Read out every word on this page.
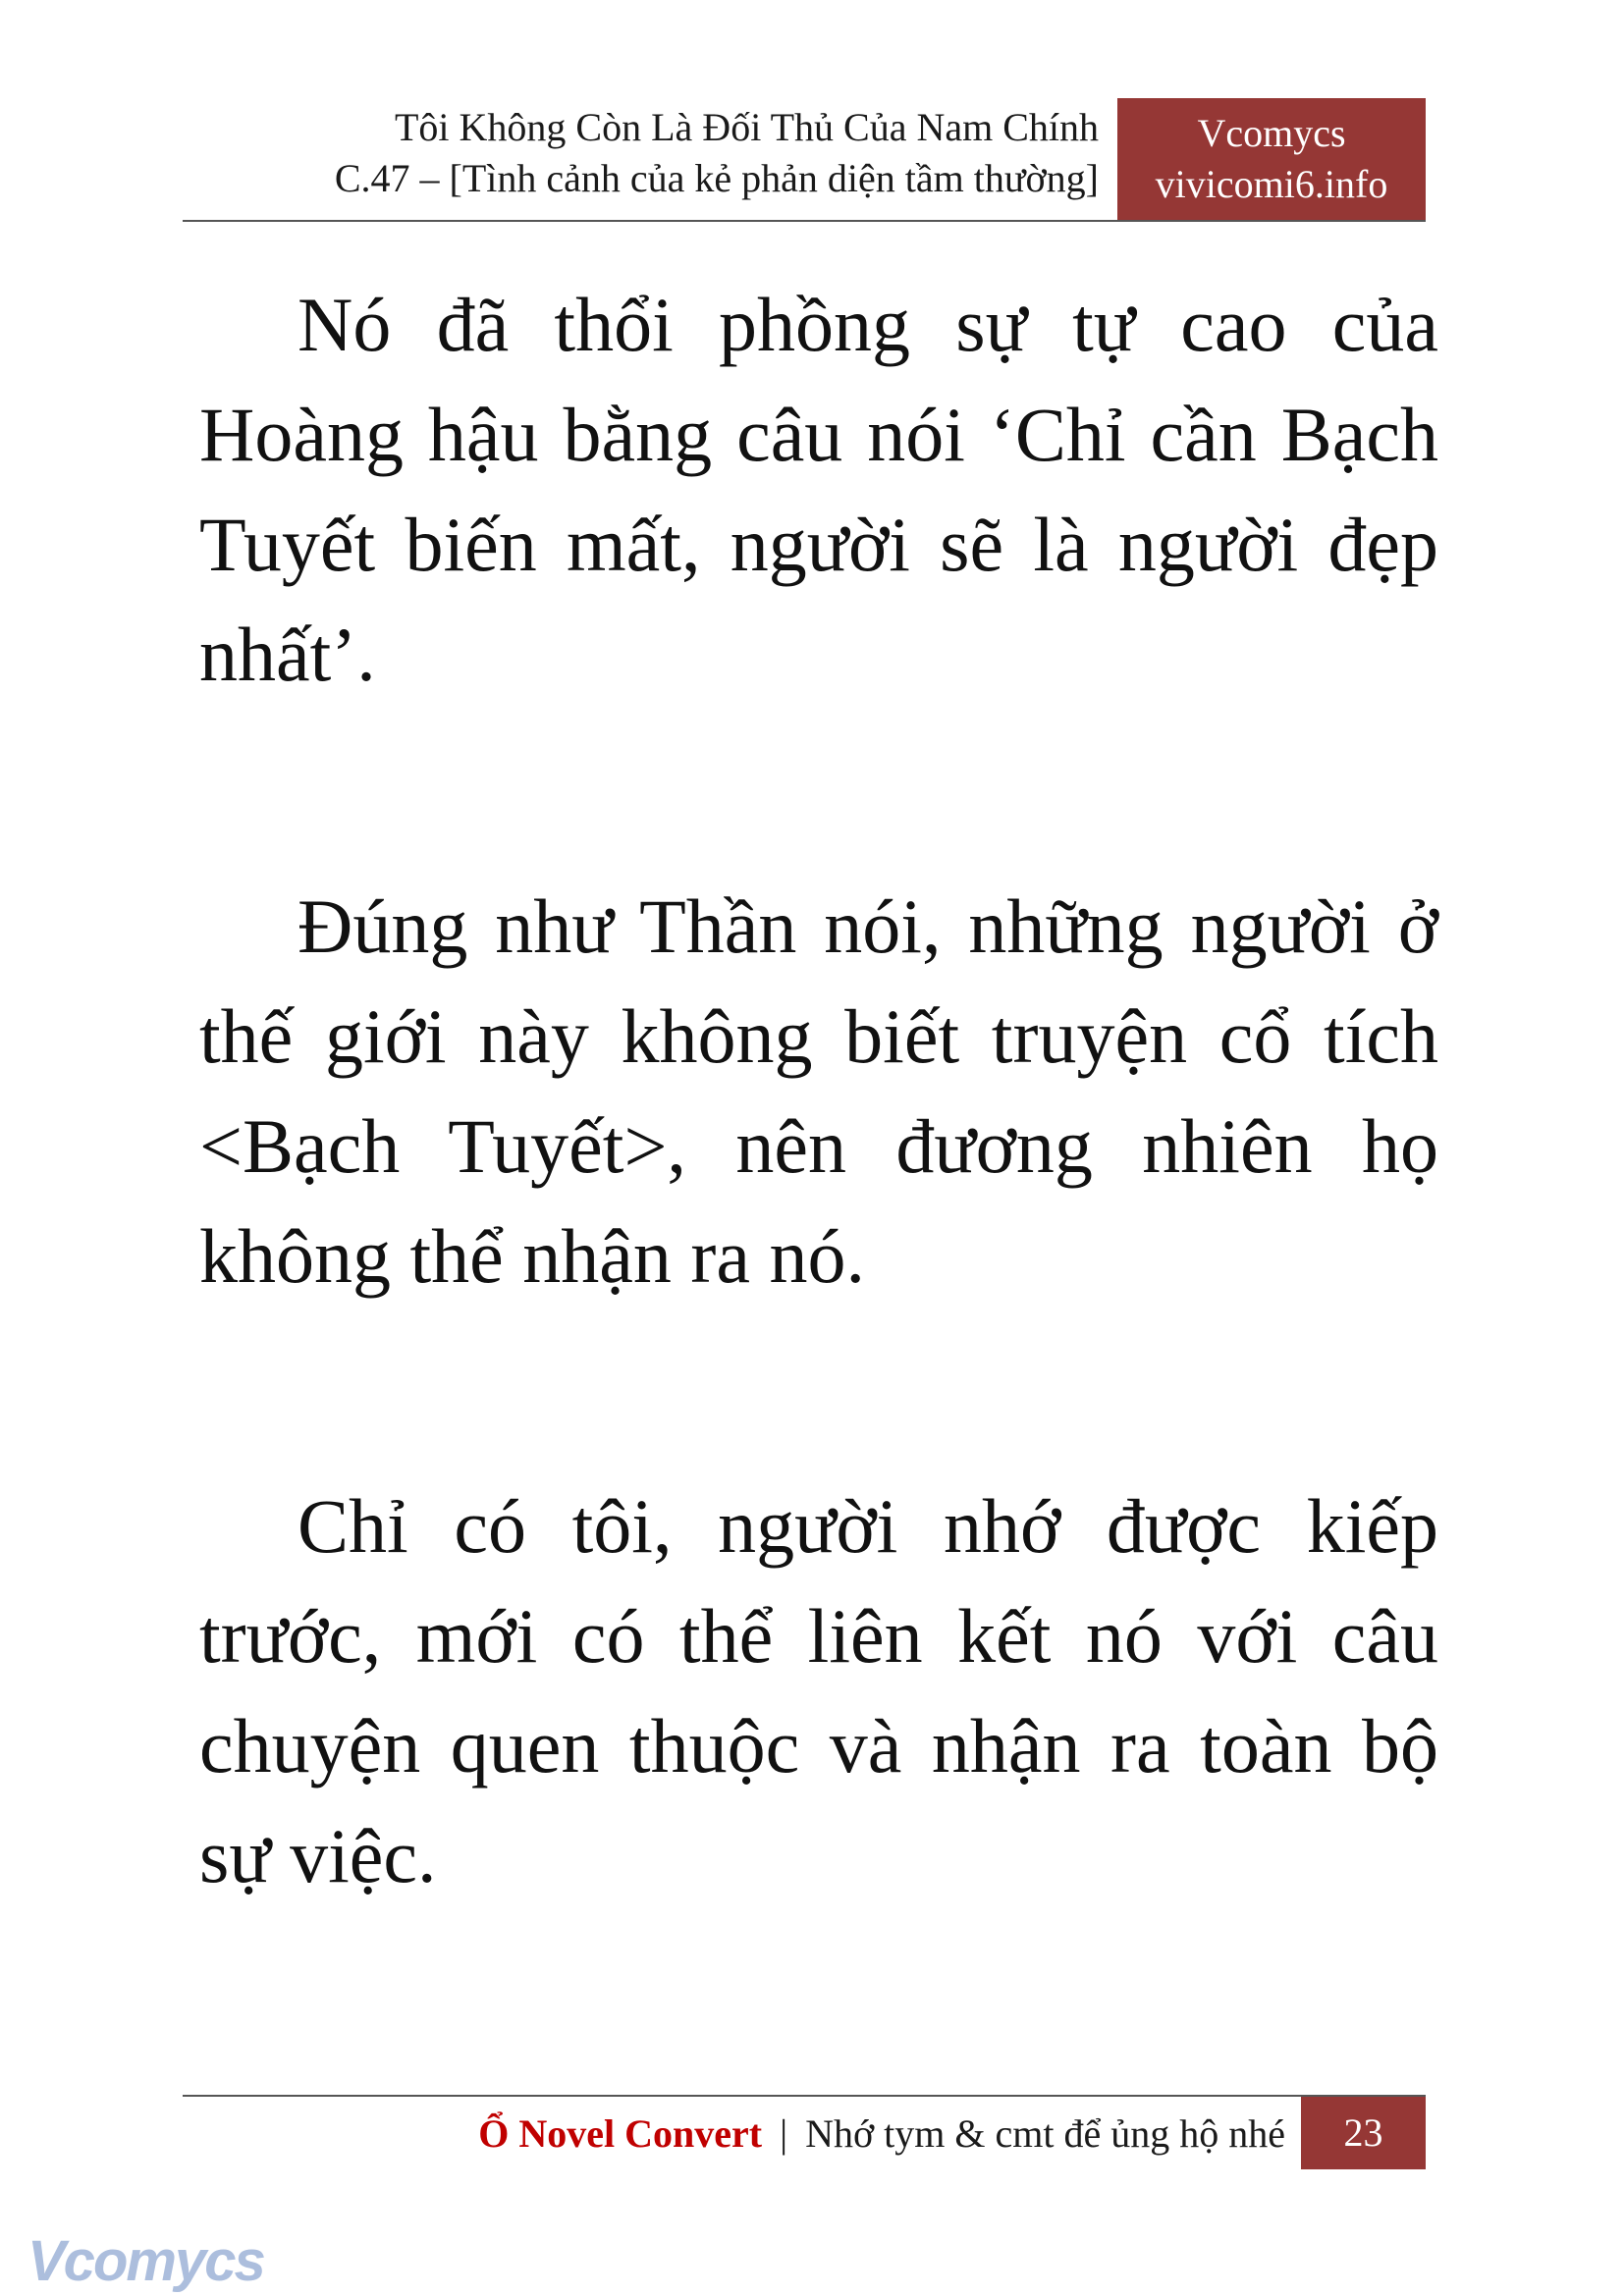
Tôi Không Còn Là Đối Thủ Của Nam Chính
C.47 – [Tình cảnh của kẻ phản diện tầm thường]
Vcomycs
vivicomi6.info

Nó đã thổi phồng sự tự cao của Hoàng hậu bằng câu nói ‘Chỉ cần Bạch Tuyết biến mất, người sẽ là người đẹp nhất’.

Đúng như Thần nói, những người ở thế giới này không biết truyện cổ tích <Bạch Tuyết>, nên đương nhiên họ không thể nhận ra nó.

Chỉ có tôi, người nhớ được kiếp trước, mới có thể liên kết nó với câu chuyện quen thuộc và nhận ra toàn bộ sự việc.

Ổ Novel Convert | Nhớ tym & cmt để ủng hộ nhé	23
Vcomycs
